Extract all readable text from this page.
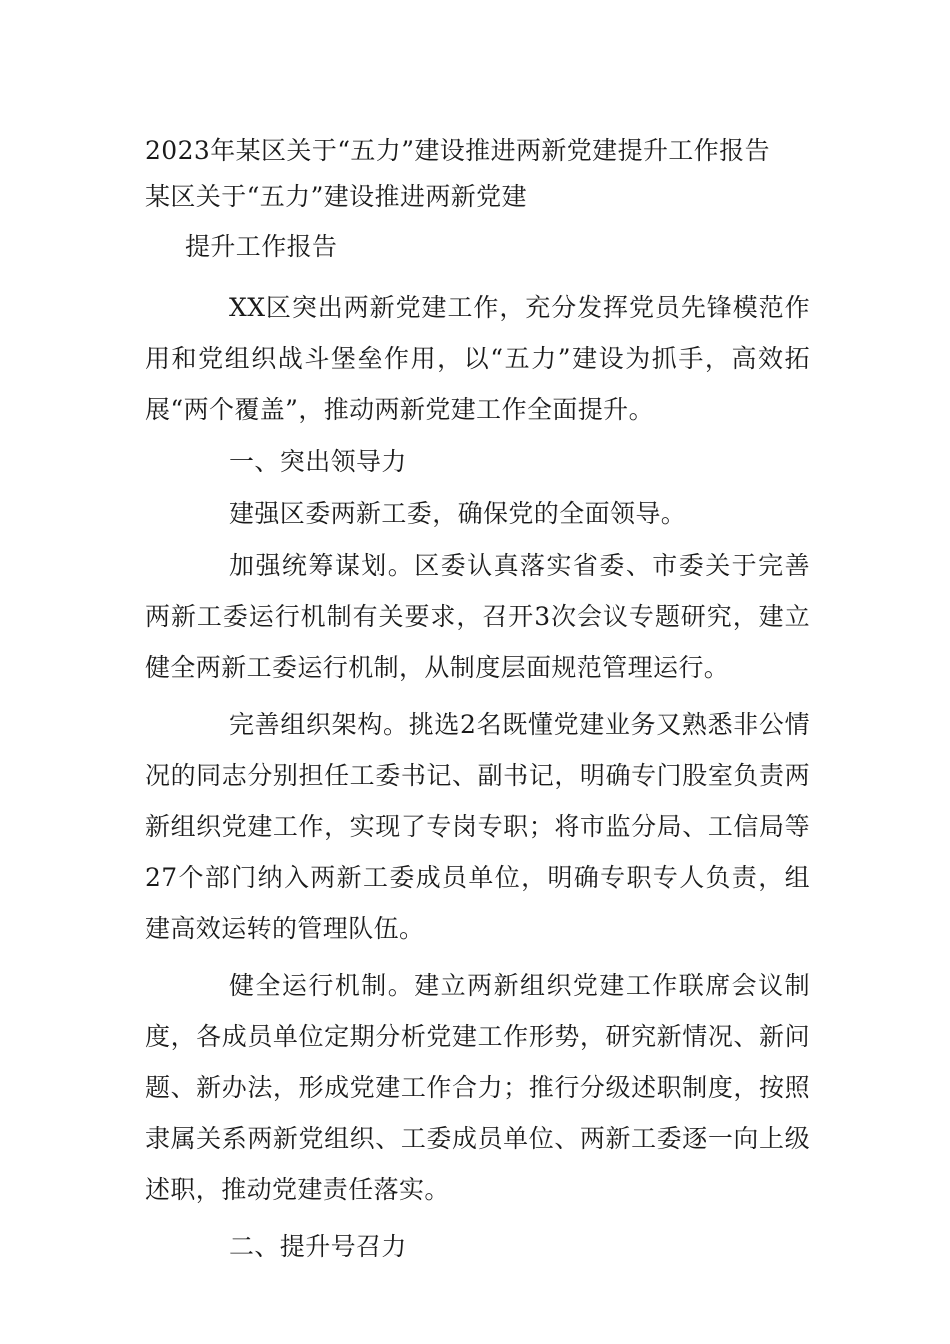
2023年某区关于“五力”建设推进两新党建提升工作报告

某区关于“五力”建设推进两新党建

提升工作报告

XX区突出两新党建工作，充分发挥党员先锋模范作用和党组织战斗堡垒作用，以“五力”建设为抓手，高效拓展“两个覆盖”，推动两新党建工作全面提升。

一、突出领导力

建强区委两新工委，确保党的全面领导。

加强统筹谋划。区委认真落实省委、市委关于完善两新工委运行机制有关要求，召开3次会议专题研究，建立健全两新工委运行机制，从制度层面规范管理运行。

完善组织架构。挑选2名既懂党建业务又熟悉非公情况的同志分别担任工委书记、副书记，明确专门股室负责两新组织党建工作，实现了专岗专职；将市监分局、工信局等27个部门纳入两新工委成员单位，明确专职专人负责，组建高效运转的管理队伍。

健全运行机制。建立两新组织党建工作联席会议制度，各成员单位定期分析党建工作形势，研究新情况、新问题、新办法，形成党建工作合力；推行分级述职制度，按照隶属关系两新党组织、工委成员单位、两新工委逐一向上级述职，推动党建责任落实。

二、提升号召力
